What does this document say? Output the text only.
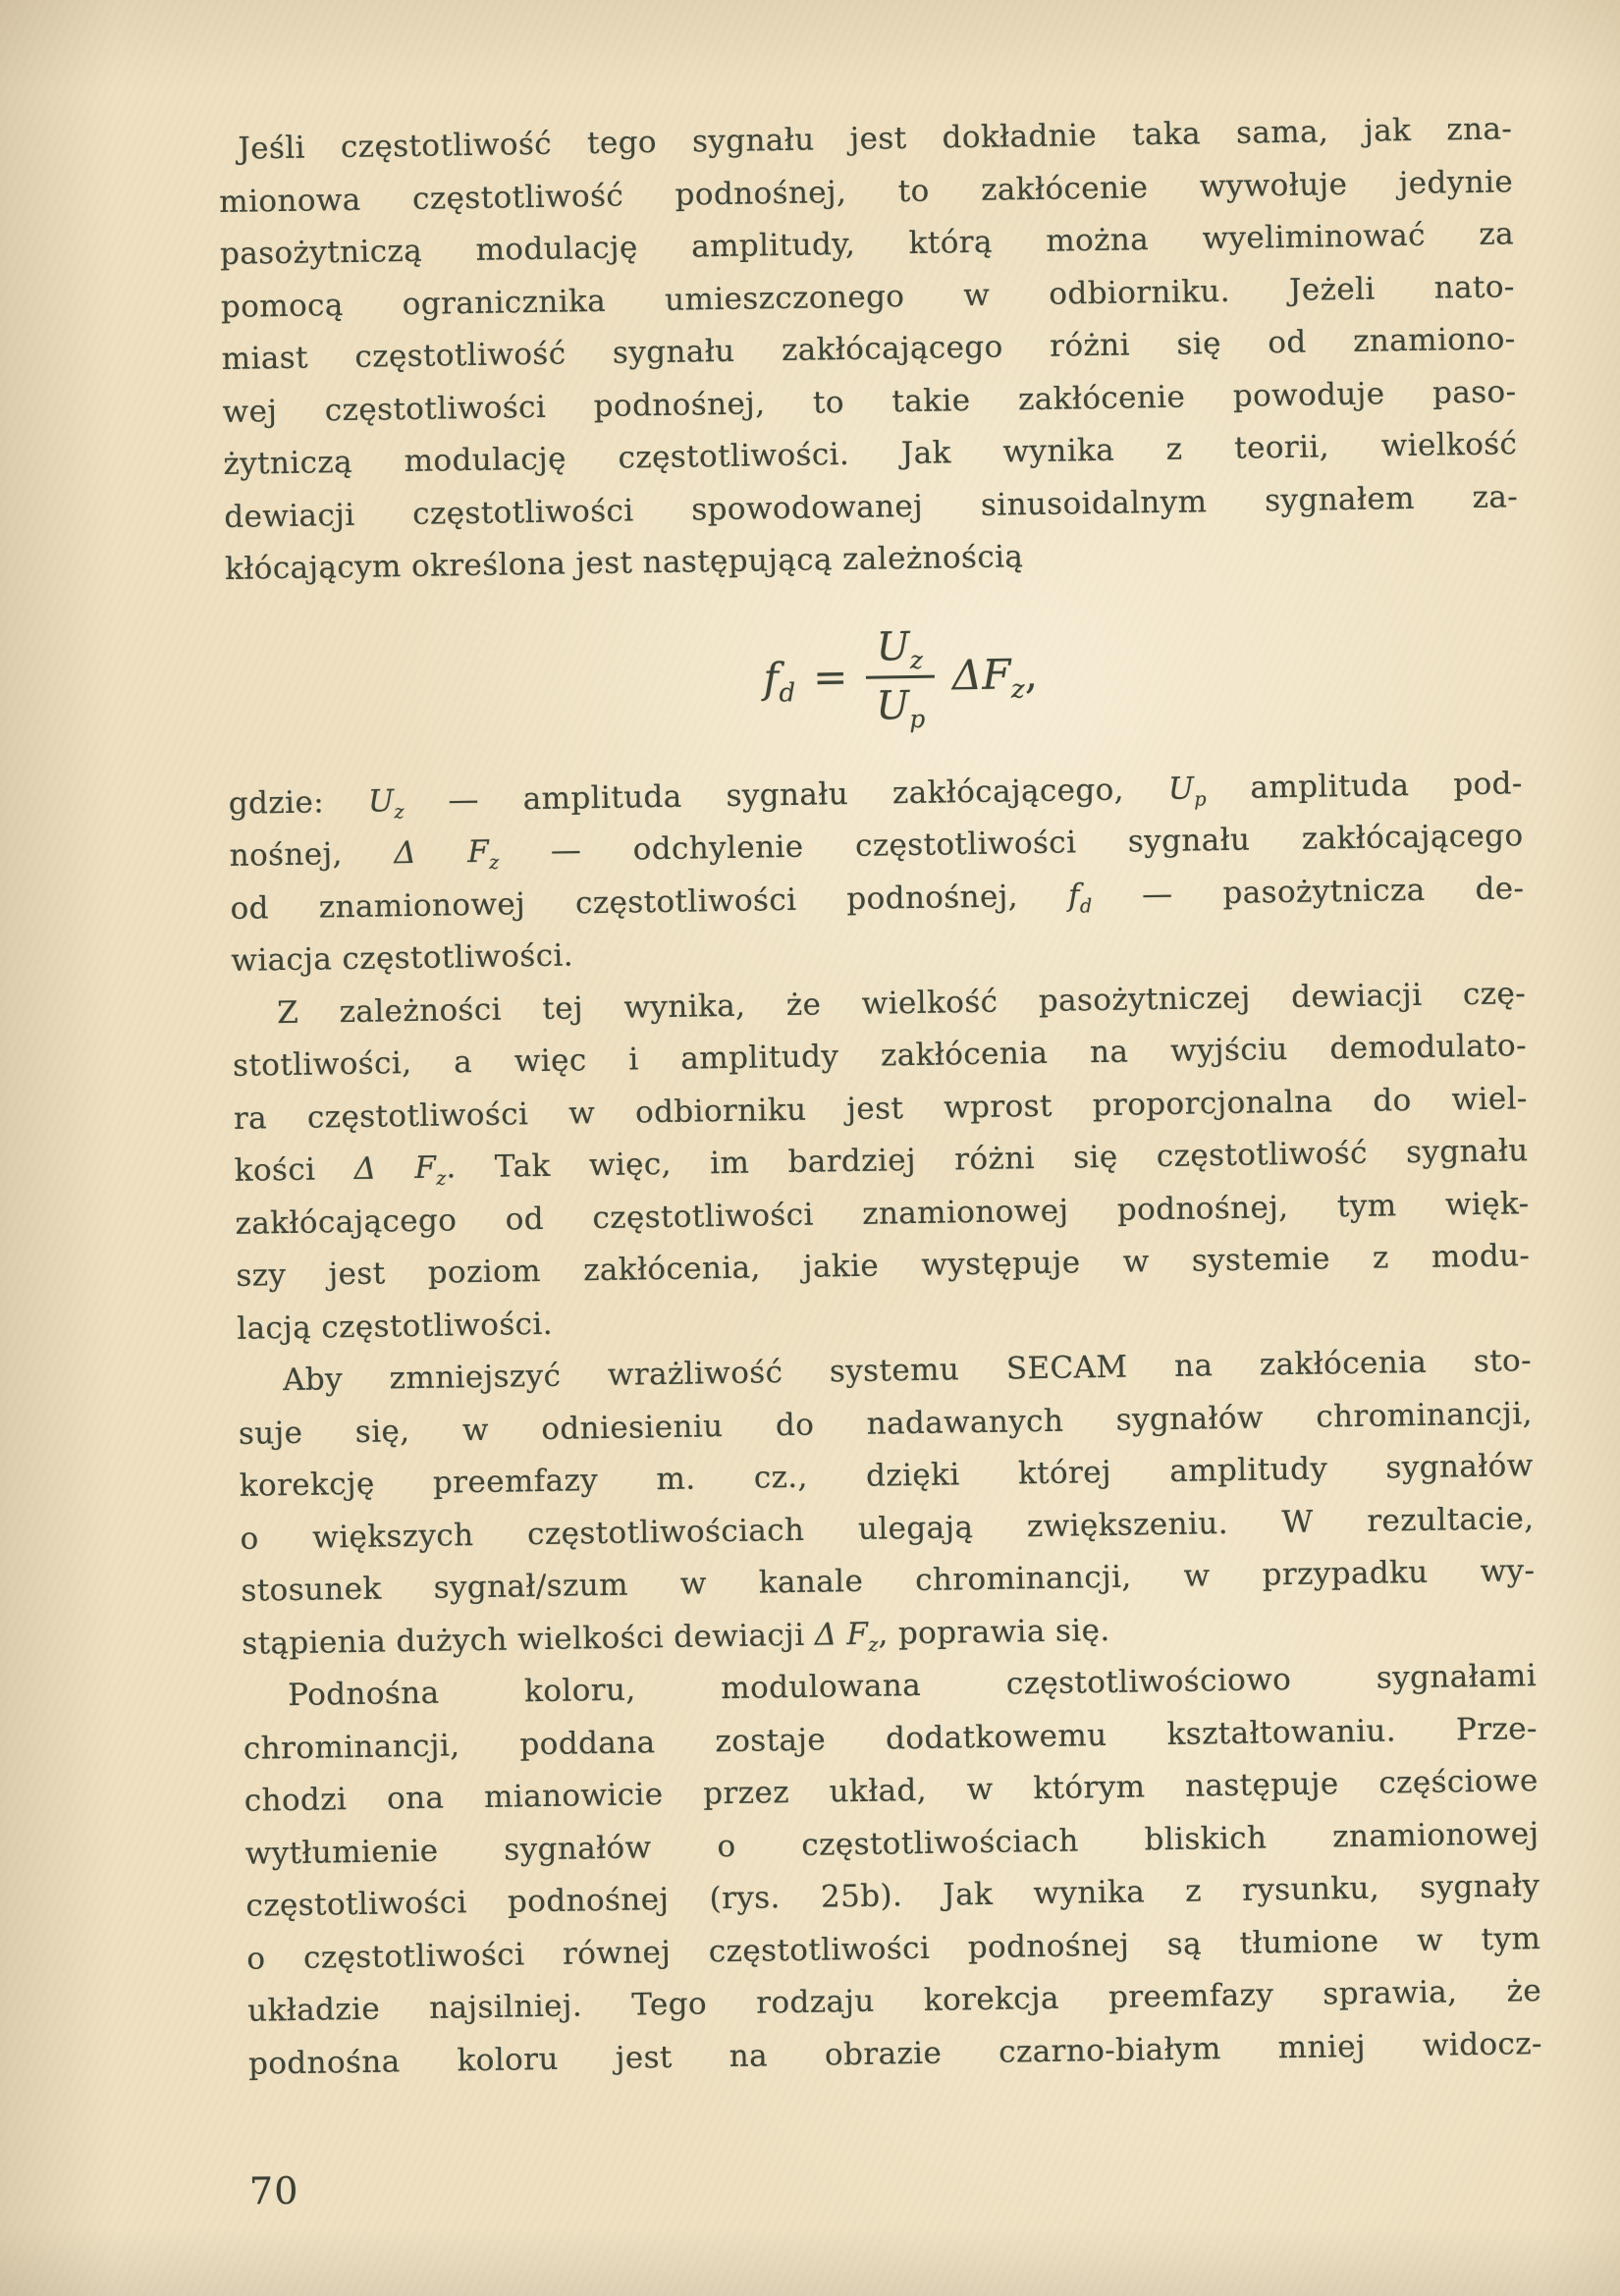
Jeśli częstotliwość tego sygnału jest dokładnie taka sama, jak zna-
mionowa częstotliwość podnośnej, to zakłócenie wywołuje jedynie
pasożytniczą modulację amplitudy, którą można wyeliminować za
pomocą ogranicznika umieszczonego w odbiorniku. Jeżeli nato-
miast częstotliwość sygnału zakłócającego różni się od znamiono-
wej częstotliwości podnośnej, to takie zakłócenie powoduje paso-
żytniczą modulację częstotliwości. Jak wynika z teorii, wielkość
dewiacji częstotliwości spowodowanej sinusoidalnym sygnałem za-
kłócającym określona jest następującą zależnością
$f_d = \frac{U_z}{U_p} \Delta F_z$,
gdzie: $U_z$ — amplituda sygnału zakłócającego, $U_p$ amplituda pod-
nośnej, Δ $F_z$ — odchylenie częstotliwości sygnału zakłócającego
od znamionowej częstotliwości podnośnej, $f_d$ — pasożytnicza de-
wiacja częstotliwości.
Z zależności tej wynika, że wielkość pasożytniczej dewiacji czę-
stotliwości, a więc i amplitudy zakłócenia na wyjściu demodulato-
ra częstotliwości w odbiorniku jest wprost proporcjonalna do wiel-
kości Δ $F_z$. Tak więc, im bardziej różni się częstotliwość sygnału
zakłócającego od częstotliwości znamionowej podnośnej, tym więk-
szy jest poziom zakłócenia, jakie występuje w systemie z modu-
lacją częstotliwości.
Aby zmniejszyć wrażliwość systemu SECAM na zakłócenia sto-
suje się, w odniesieniu do nadawanych sygnałów chrominancji,
korekcję preemfazy m. cz., dzięki której amplitudy sygnałów
o większych częstotliwościach ulegają zwiększeniu. W rezultacie,
stosunek sygnał/szum w kanale chrominancji, w przypadku wy-
stąpienia dużych wielkości dewiacji Δ $F_z$, poprawia się.
Podnośna koloru, modulowana częstotliwościowo sygnałami
chrominancji, poddana zostaje dodatkowemu kształtowaniu. Prze-
chodzi ona mianowicie przez układ, w którym następuje częściowe
wytłumienie sygnałów o częstotliwościach bliskich znamionowej
częstotliwości podnośnej (rys. 25b). Jak wynika z rysunku, sygnały
o częstotliwości równej częstotliwości podnośnej są tłumione w tym
układzie najsilniej. Tego rodzaju korekcja preemfazy sprawia, że
podnośna koloru jest na obrazie czarno-białym mniej widocz-
70
